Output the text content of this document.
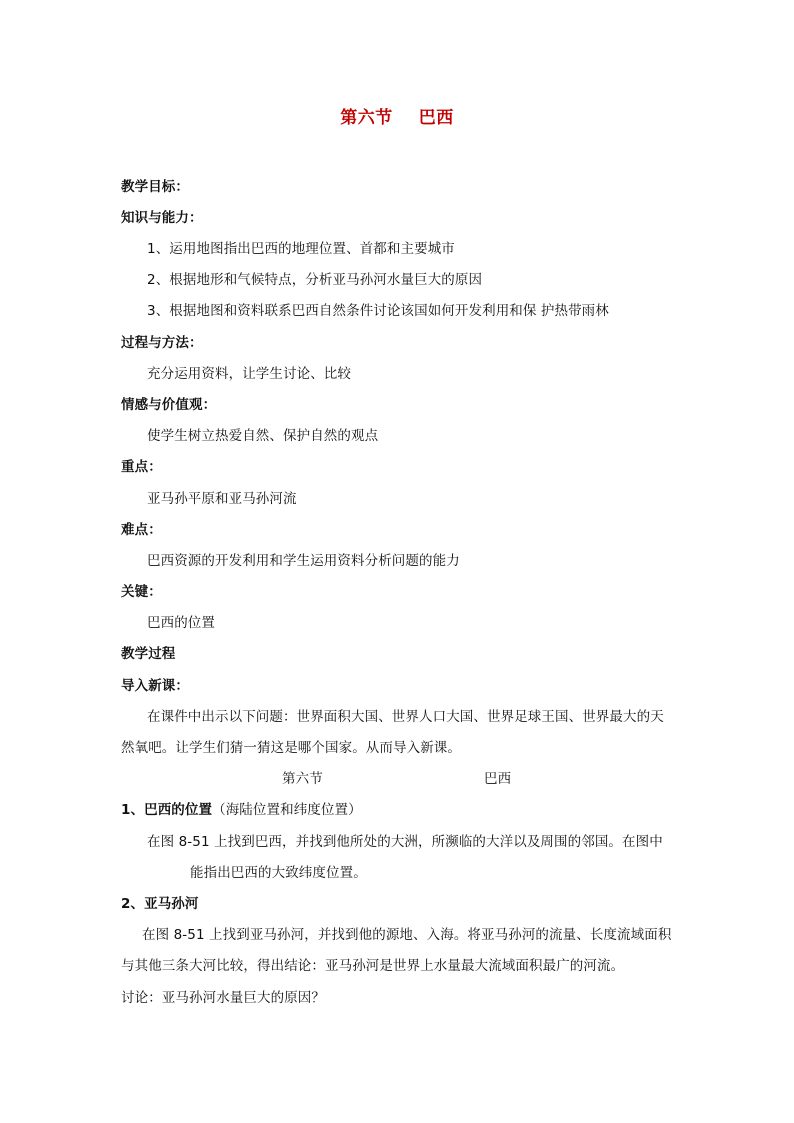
第六节 巴西
教学目标：
知识与能力：
1、运用地图指出巴西的地理位置、首都和主要城市
2、根据地形和气候特点，分析亚马孙河水量巨大的原因
3、根据地图和资料联系巴西自然条件讨论该国如何开发利用和保 护热带雨林
过程与方法：
充分运用资料，让学生讨论、比较
情感与价值观：
使学生树立热爱自然、保护自然的观点
重点：
亚马孙平原和亚马孙河流
难点：
巴西资源的开发利用和学生运用资料分析问题的能力
关键：
巴西的位置
教学过程
导入新课：
在课件中出示以下问题：世界面积大国、世界人口大国、世界足球王国、世界最大的天
然氧吧。让学生们猜一猜这是哪个国家。从而导入新课。
第六节	巴西
1、巴西的位置（海陆位置和纬度位置）
在图 8-51 上找到巴西，并找到他所处的大洲，所濒临的大洋以及周围的邻国。在图中
能指出巴西的大致纬度位置。
2、亚马孙河
在图 8-51 上找到亚马孙河，并找到他的源地、入海。将亚马孙河的流量、长度流域面积
与其他三条大河比较，得出结论：亚马孙河是世界上水量最大流域面积最广的河流。
讨论：亚马孙河水量巨大的原因？
